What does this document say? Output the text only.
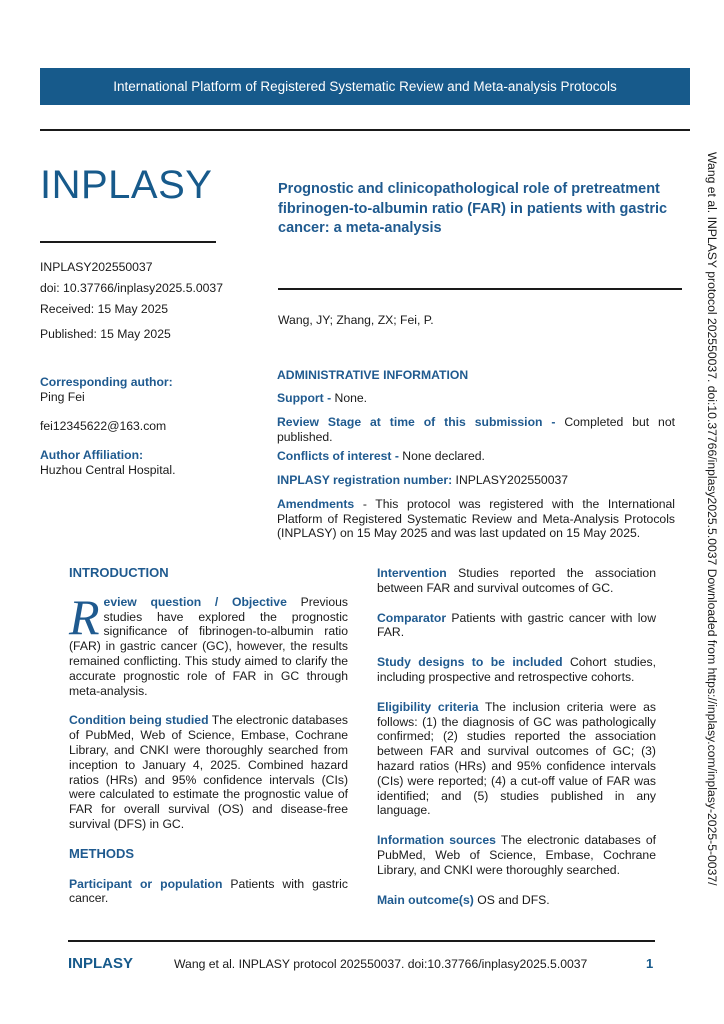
International Platform of Registered Systematic Review and Meta-analysis Protocols
INPLASY
INPLASY202550037
doi: 10.37766/inplasy2025.5.0037
Received: 15 May 2025
Published: 15 May 2025
Corresponding author:
Ping Fei
fei12345622@163.com
Author Affiliation:
Huzhou Central Hospital.
Prognostic and clinicopathological role of pretreatment fibrinogen-to-albumin ratio (FAR) in patients with gastric cancer: a meta-analysis
Wang, JY; Zhang, ZX; Fei, P.
ADMINISTRATIVE INFORMATION

Support - None.

Review Stage at time of this submission - Completed but not published.

Conflicts of interest - None declared.

INPLASY registration number: INPLASY202550037

Amendments - This protocol was registered with the International Platform of Registered Systematic Review and Meta-Analysis Protocols (INPLASY) on 15 May 2025 and was last updated on 15 May 2025.

INTRODUCTION

Review question / Objective Previous studies have explored the prognostic significance of fibrinogen-to-albumin ratio (FAR) in gastric cancer (GC), however, the results remained conflicting. This study aimed to clarify the accurate prognostic role of FAR in GC through meta-analysis.

Condition being studied The electronic databases of PubMed, Web of Science, Embase, Cochrane Library, and CNKI were thoroughly searched from inception to January 4, 2025. Combined hazard ratios (HRs) and 95% confidence intervals (CIs) were calculated to estimate the prognostic value of FAR for overall survival (OS) and disease-free survival (DFS) in GC.

METHODS

Participant or population Patients with gastric cancer.

Intervention Studies reported the association between FAR and survival outcomes of GC.

Comparator Patients with gastric cancer with low FAR.

Study designs to be included Cohort studies, including prospective and retrospective cohorts.

Eligibility criteria The inclusion criteria were as follows: (1) the diagnosis of GC was pathologically confirmed; (2) studies reported the association between FAR and survival outcomes of GC; (3) hazard ratios (HRs) and 95% confidence intervals (CIs) were reported; (4) a cut-off value of FAR was identified; and (5) studies published in any language.

Information sources The electronic databases of PubMed, Web of Science, Embase, Cochrane Library, and CNKI were thoroughly searched.

Main outcome(s) OS and DFS.

Wang et al. INPLASY protocol 202550037. doi:10.37766/inplasy2025.5.0037 Downloaded from https://inplasy.com/inplasy-2025-5-0037/
INPLASY	Wang et al. INPLASY protocol 202550037. doi:10.37766/inplasy2025.5.0037	1
